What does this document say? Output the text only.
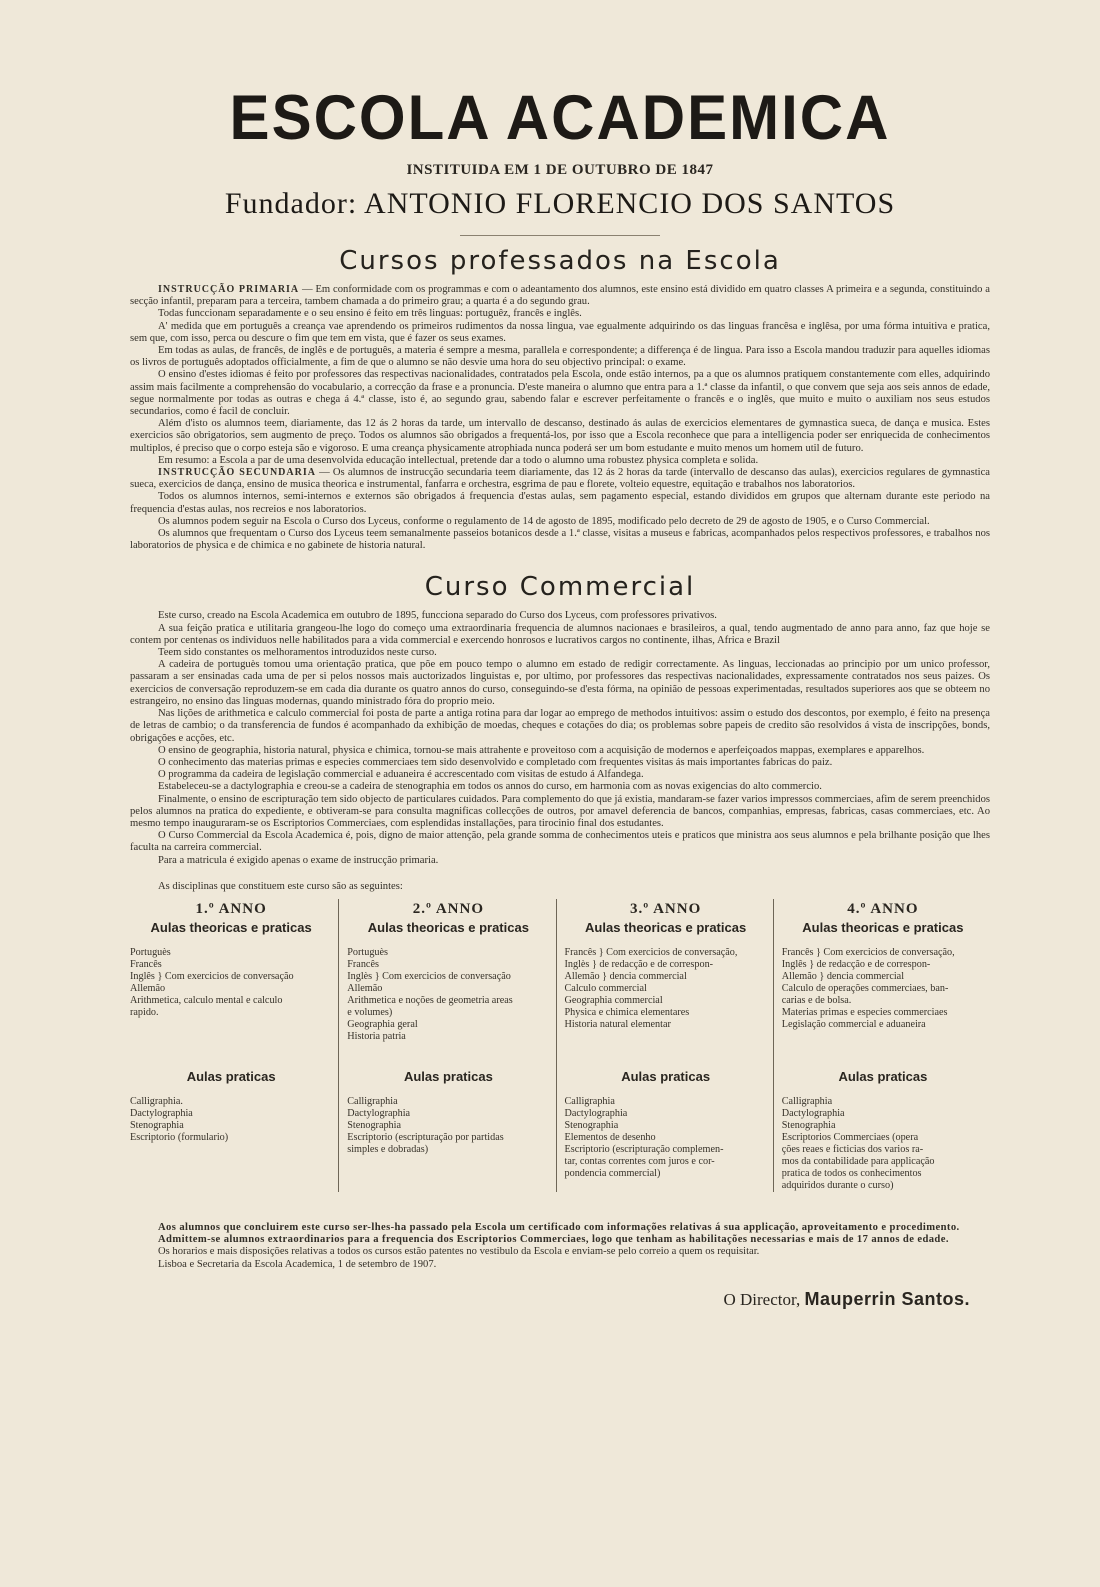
ESCOLA ACADEMICA
INSTITUIDA EM 1 DE OUTUBRO DE 1847
Fundador: ANTONIO FLORENCIO DOS SANTOS
Cursos professados na Escola

INSTRUCÇÃO PRIMARIA — Em conformidade com os programmas e com o adeantamento dos alumnos, este ensino está dividido em quatro classes A primeira e a segunda, constituindo a secção infantil, preparam para a terceira, tambem chamada a do primeiro grau; a quarta é a do segundo grau.

Todas funccionam separadamente e o seu ensino é feito em três linguas: portuguêz, francês e inglês.

A' medida que em português a creança vae aprendendo os primeiros rudimentos da nossa lingua, vae egualmente adquirindo os das linguas francêsa e inglêsa, por uma fórma intuitiva e pratica, sem que, com isso, perca ou descure o fim que tem em vista, que é fazer os seus exames.

Em todas as aulas, de francês, de inglês e de português, a materia é sempre a mesma, parallela e correspondente; a differença é de lingua. Para isso a Escola mandou traduzir para aquelles idiomas os livros de português adoptados officialmente, a fim de que o alumno se não desvie uma hora do seu objectivo principal: o exame.

O ensino d'estes idiomas é feito por professores das respectivas nacionalidades, contratados pela Escola, onde estão internos, pa a que os alumnos pratiquem constantemente com elles, adquirindo assim mais facilmente a comprehensão do vocabulario, a correcção da frase e a pronuncia. D'este maneira o alumno que entra para a 1.ª classe da infantil, o que convem que seja aos seis annos de edade, segue normalmente por todas as outras e chega á 4.ª classe, isto é, ao segundo grau, sabendo falar e escrever perfeitamente o francês e o inglês, que muito e muito o auxiliam nos seus estudos secundarios, como é facil de concluir.

Além d'isto os alumnos teem, diariamente, das 12 ás 2 horas da tarde, um intervallo de descanso, destinado ás aulas de exercicios elementares de gymnastica sueca, de dança e musica. Estes exercicios são obrigatorios, sem augmento de preço. Todos os alumnos são obrigados a frequentá-los, por isso que a Escola reconhece que para a intelligencia poder ser enriquecida de conhecimentos multiplos, é preciso que o corpo esteja são e vigoroso. E uma creança physicamente atrophiada nunca poderá ser um bom estudante e muito menos um homem util de futuro.

Em resumo: a Escola a par de uma desenvolvida educação intellectual, pretende dar a todo o alumno uma robustez physica completa e solida.

INSTRUCÇÃO SECUNDARIA — Os alumnos de instrucção secundaria teem diariamente, das 12 ás 2 horas da tarde (intervallo de descanso das aulas), exercicios regulares de gymnastica sueca, exercicios de dança, ensino de musica theorica e instrumental, fanfarra e orchestra, esgrima de pau e florete, volteio equestre, equitação e trabalhos nos laboratorios.

Todos os alumnos internos, semi-internos e externos são obrigados á frequencia d'estas aulas, sem pagamento especial, estando divididos em grupos que alternam durante este periodo na frequencia d'estas aulas, nos recreios e nos laboratorios.

Os alumnos podem seguir na Escola o Curso dos Lyceus, conforme o regulamento de 14 de agosto de 1895, modificado pelo decreto de 29 de agosto de 1905, e o Curso Commercial.

Os alumnos que frequentam o Curso dos Lyceus teem semanalmente passeios botanicos desde a 1.ª classe, visitas a museus e fabricas, acompanhados pelos respectivos professores, e trabalhos nos laboratorios de physica e de chimica e no gabinete de historia natural.

Curso Commercial

Este curso, creado na Escola Academica em outubro de 1895, funcciona separado do Curso dos Lyceus, com professores privativos.

A sua feição pratica e utilitaria grangeou-lhe logo do começo uma extraordinaria frequencia de alumnos nacionaes e brasileiros, a qual, tendo augmentado de anno para anno, faz que hoje se contem por centenas os individuos nelle habilitados para a vida commercial e exercendo honrosos e lucrativos cargos no continente, ilhas, Africa e Brazil

Teem sido constantes os melhoramentos introduzidos neste curso.

A cadeira de portuguès tomou uma orientação pratica, que põe em pouco tempo o alumno em estado de redigir correctamente. As linguas, leccionadas ao principio por um unico professor, passaram a ser ensinadas cada uma de per si pelos nossos mais auctorizados linguistas e, por ultimo, por professores das respectivas nacionalidades, expressamente contratados nos seus paizes. Os exercicios de conversação reproduzem-se em cada dia durante os quatro annos do curso, conseguindo-se d'esta fórma, na opinião de pessoas experimentadas, resultados superiores aos que se obteem no estrangeiro, no ensino das linguas modernas, quando ministrado fóra do proprio meio.

Nas lições de arithmetica e calculo commercial foi posta de parte a antiga rotina para dar logar ao emprego de methodos intuitivos: assim o estudo dos descontos, por exemplo, é feito na presença de letras de cambio; o da transferencia de fundos é acompanhado da exhibição de moedas, cheques e cotações do dia; os problemas sobre papeis de credito são resolvidos á vista de inscripções, bonds, obrigações e acções, etc.

O ensino de geographia, historia natural, physica e chimica, tornou-se mais attrahente e proveitoso com a acquisição de modernos e aperfeiçoados mappas, exemplares e apparelhos.

O conhecimento das materias primas e especies commerciaes tem sido desenvolvido e completado com frequentes visitas ás mais importantes fabricas do paiz.

O programma da cadeira de legislação commercial e aduaneira é accrescentado com visitas de estudo á Alfandega.

Estabeleceu-se a dactylographia e creou-se a cadeira de stenographia em todos os annos do curso, em harmonia com as novas exigencias do alto commercio.

Finalmente, o ensino de escripturação tem sido objecto de particulares cuidados. Para complemento do que já existia, mandaram-se fazer varios impressos commerciaes, afim de serem preenchidos pelos alumnos na pratica do expediente, e obtiveram-se para consulta magnificas collecções de outros, por amavel deferencia de bancos, companhias, empresas, fabricas, casas commerciaes, etc. Ao mesmo tempo inauguraram-se os Escriptorios Commerciaes, com esplendidas installações, para tirocinio final dos estudantes.

O Curso Commercial da Escola Academica é, pois, digno de maior attenção, pela grande somma de conhecimentos uteis e praticos que ministra aos seus alumnos e pela brilhante posição que lhes faculta na carreira commercial.

Para a matricula é exigido apenas o exame de instrucção primaria.

As disciplinas que constituem este curso são as seguintes:

1.º ANNO
Aulas theoricas e praticas

Portuguès

Francês

Inglês } Com exercicios de conversação

Allemão

Arithmetica, calculo mental e calculo

rapido.

Aulas praticas

Calligraphia.

Dactylographia

Stenographia

Escriptorio (formulario)

2.º ANNO
Aulas theoricas e praticas

Portuguès

Francês

Inglès } Com exercicios de conversação

Allemão

Arithmetica e noções de geometria areas

e volumes)

Geographia geral

Historia patria

Aulas praticas

Calligraphia

Dactylographia

Stenographia

Escriptorio (escripturação por partidas

simples e dobradas)

3.º ANNO
Aulas theoricas e praticas

Francês } Com exercicios de conversação,

Inglès } de redacção e de correspon-

Allemão } dencia commercial

Calculo commercial

Geographia commercial

Physica e chimica elementares

Historia natural elementar

Aulas praticas

Calligraphia

Dactylographia

Stenographia

Elementos de desenho

Escriptorio (escripturação complemen-

tar, contas correntes com juros e cor-

pondencia commercial)

4.º ANNO
Aulas theoricas e praticas

Francês } Com exercicios de conversação,

Inglês } de redacção e de correspon-

Allemão } dencia commercial

Calculo de operações commerciaes, ban-

carias e de bolsa.

Materias primas e especies commerciaes

Legislação commercial e aduaneira

Aulas praticas

Calligraphia

Dactylographia

Stenographia

Escriptorios Commerciaes (opera

ções reaes e ficticias dos varios ra-

mos da contabilidade para applicação

pratica de todos os conhecimentos

adquiridos durante o curso)

Aos alumnos que concluirem este curso ser-lhes-ha passado pela Escola um certificado com informações relativas á sua applicação, aproveitamento e procedimento.

Admittem-se alumnos extraordinarios para a frequencia dos Escriptorios Commerciaes, logo que tenham as habilitações necessarias e mais de 17 annos de edade.

Os horarios e mais disposições relativas a todos os cursos estão patentes no vestibulo da Escola e enviam-se pelo correio a quem os requisitar.

Lisboa e Secretaria da Escola Academica, 1 de setembro de 1907.

O Director, Mauperrin Santos.
